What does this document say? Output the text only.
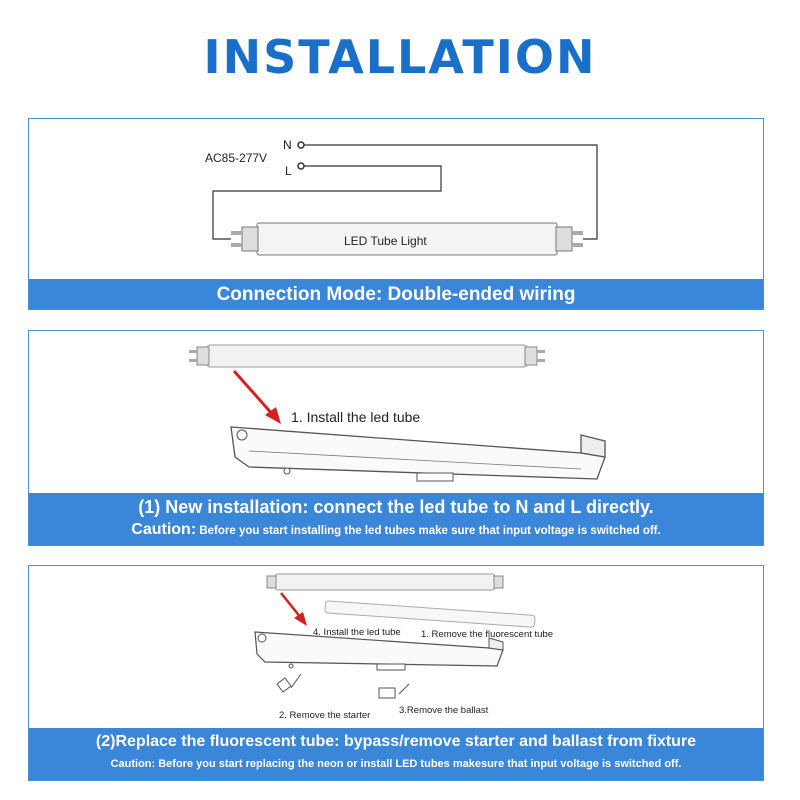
INSTALLATION
AC85-277V
N
L
LED Tube Light
Connection Mode: Double-ended wiring
1. Install the led tube
(1) New installation: connect the led tube to N and L directly.
Caution: Before you start installing the led tubes make sure that input voltage is switched off.
4. Install the led tube 1. Remove the fluorescent tube
2. Remove the starter	3.Remove the ballast
(2)Replace the fluorescent tube: bypass/remove starter and ballast from fixture
Caution: Before you start replacing the neon or install LED tubes makesure that input voltage is switched off.
